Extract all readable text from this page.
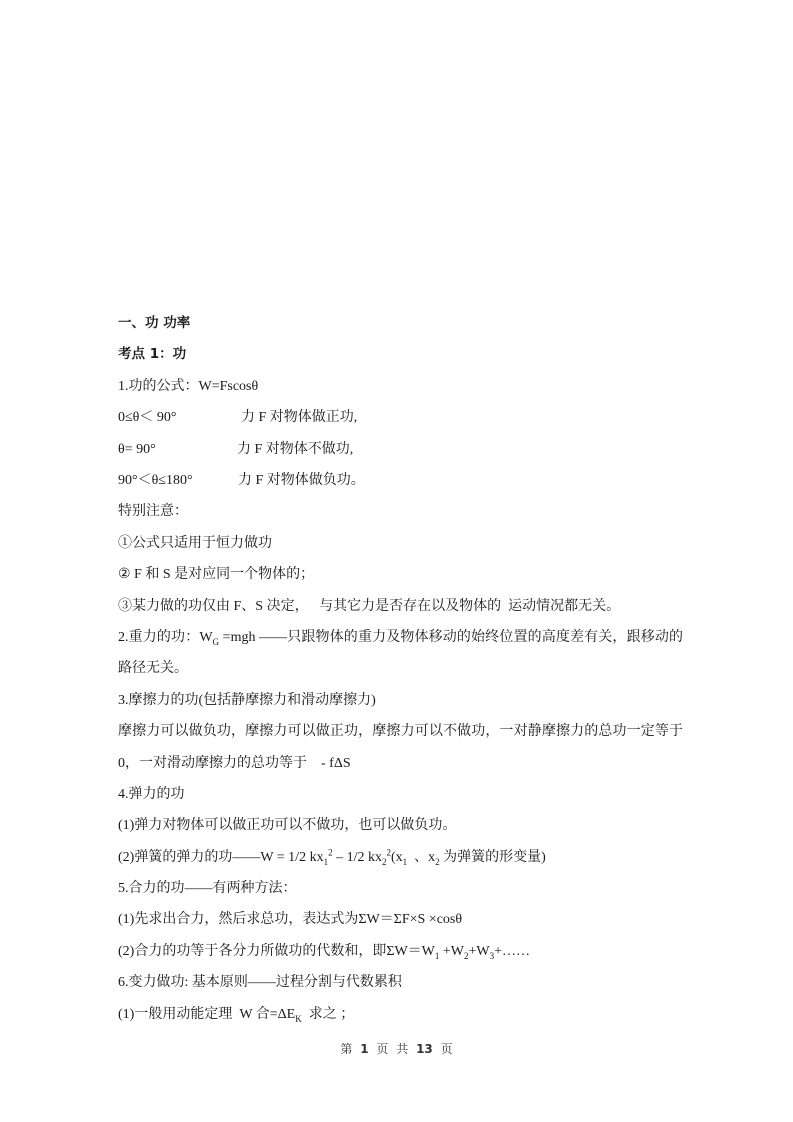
一、功 功率
考点 1：功
1.功的公式：W=Fscosθ
0≤θ＜ 90°	力 F 对物体做正功,
θ= 90°	力 F 对物体不做功,
90°＜θ≤180°	力 F 对物体做负功。
特别注意：
①公式只适用于恒力做功
② F 和 S 是对应同一个物体的；
③某力做的功仅由 F、S 决定，   与其它力是否存在以及物体的  运动情况都无关。
2.重力的功：$W_G =mgh$ ——只跟物体的重力及物体移动的始终位置的高度差有关，跟移动的路径无关。
3.摩擦力的功(包括静摩擦力和滑动摩擦力)
摩擦力可以做负功，摩擦力可以做正功，摩擦力可以不做功，一对静摩擦力的总功一定等于 0，一对滑动摩擦力的总功等于    - fΔS
4.弹力的功
(1)弹力对物体可以做正功可以不做功，也可以做负功。
(2)弹簧的弹力的功——W = 1/2 $kx_1^2 - 1/2$ $kx_2^2(x_1$  、$x_2$ 为弹簧的形变量)
5.合力的功——有两种方法：
(1)先求出合力，然后求总功，表达式为ΣW＝ΣF×S ×cosθ
(2)合力的功等于各分力所做功的代数和，即$\Sigma W=W_1$ $+W_2+W_3+\dots\dots$
6.变力做功: 基本原则——过程分割与代数累积
(1)一般用动能定理  W 合$=\Delta E_K$  求之 ；
第 1 页 共 13 页
